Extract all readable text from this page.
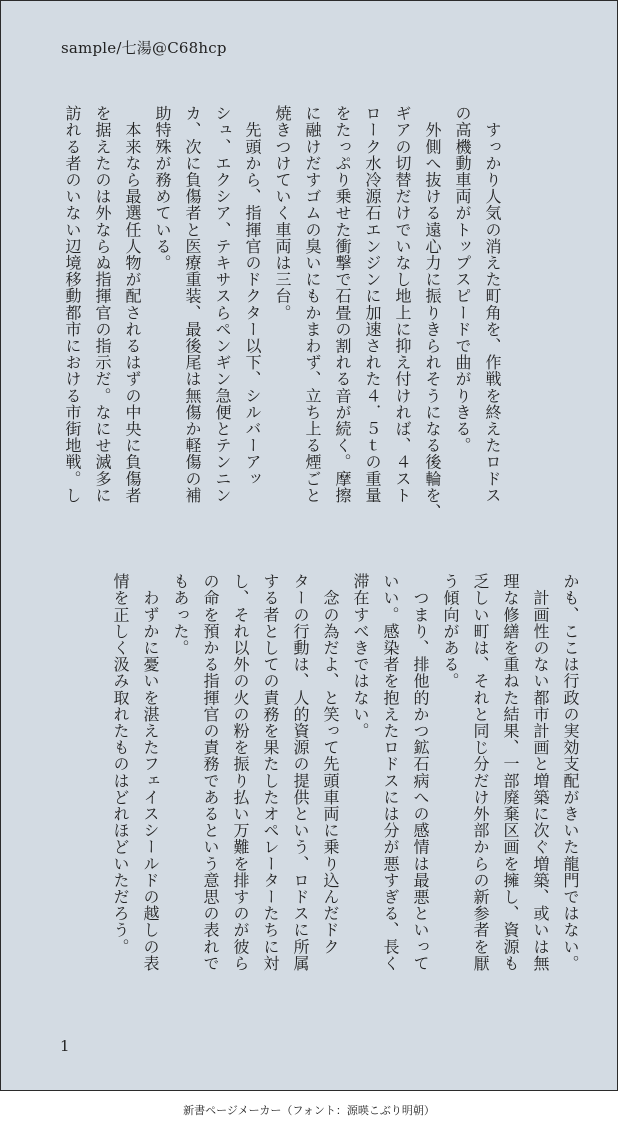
sample/七湯@C68hcp

　すっかり人気の消えた町角を、作戦を終えたロドス

の高機動車両がトップスピードで曲がりきる。

　外側へ抜ける遠心力に振りきられそうになる後輪を、

ギアの切替だけでいなし地上に抑え付ければ、４スト

ローク水冷源石エンジンに加速された４．５ｔの重量

をたっぷり乗せた衝撃で石畳の割れる音が続く。摩擦

に融けだすゴムの臭いにもかまわず、立ち上る煙ごと

焼きつけていく車両は三台。

　先頭から、指揮官のドクター以下、シルバーアッ

シュ、エクシア、テキサスらペンギン急便とテンニン

カ、次に負傷者と医療重装、最後尾は無傷か軽傷の補

助特殊が務めている。

　本来なら最選任人物が配されるはずの中央に負傷者

を据えたのは外ならぬ指揮官の指示だ。なにせ滅多に

訪れる者のいない辺境移動都市における市街地戦。し

かも、ここは行政の実効支配がきいた龍門ではない。

　計画性のない都市計画と増築に次ぐ増築、或いは無

理な修繕を重ねた結果、一部廃棄区画を擁し、資源も

乏しい町は、それと同じ分だけ外部からの新参者を厭

う傾向がある。

　つまり、排他的かつ鉱石病への感情は最悪といって

いい。感染者を抱えたロドスには分が悪すぎる、長く

滞在すべきではない。

　念の為だよ、と笑って先頭車両に乗り込んだドク

ターの行動は、人的資源の提供という、ロドスに所属

する者としての責務を果たしたオペレーターたちに対

し、それ以外の火の粉を振り払い万難を排すのが彼ら

の命を預かる指揮官の責務であるという意思の表れで

もあった。

　わずかに憂いを湛えたフェイスシールドの越しの表

情を正しく汲み取れたものはどれほどいただろう。

1
新書ページメーカー（フォント：源暎こぶり明朝）
